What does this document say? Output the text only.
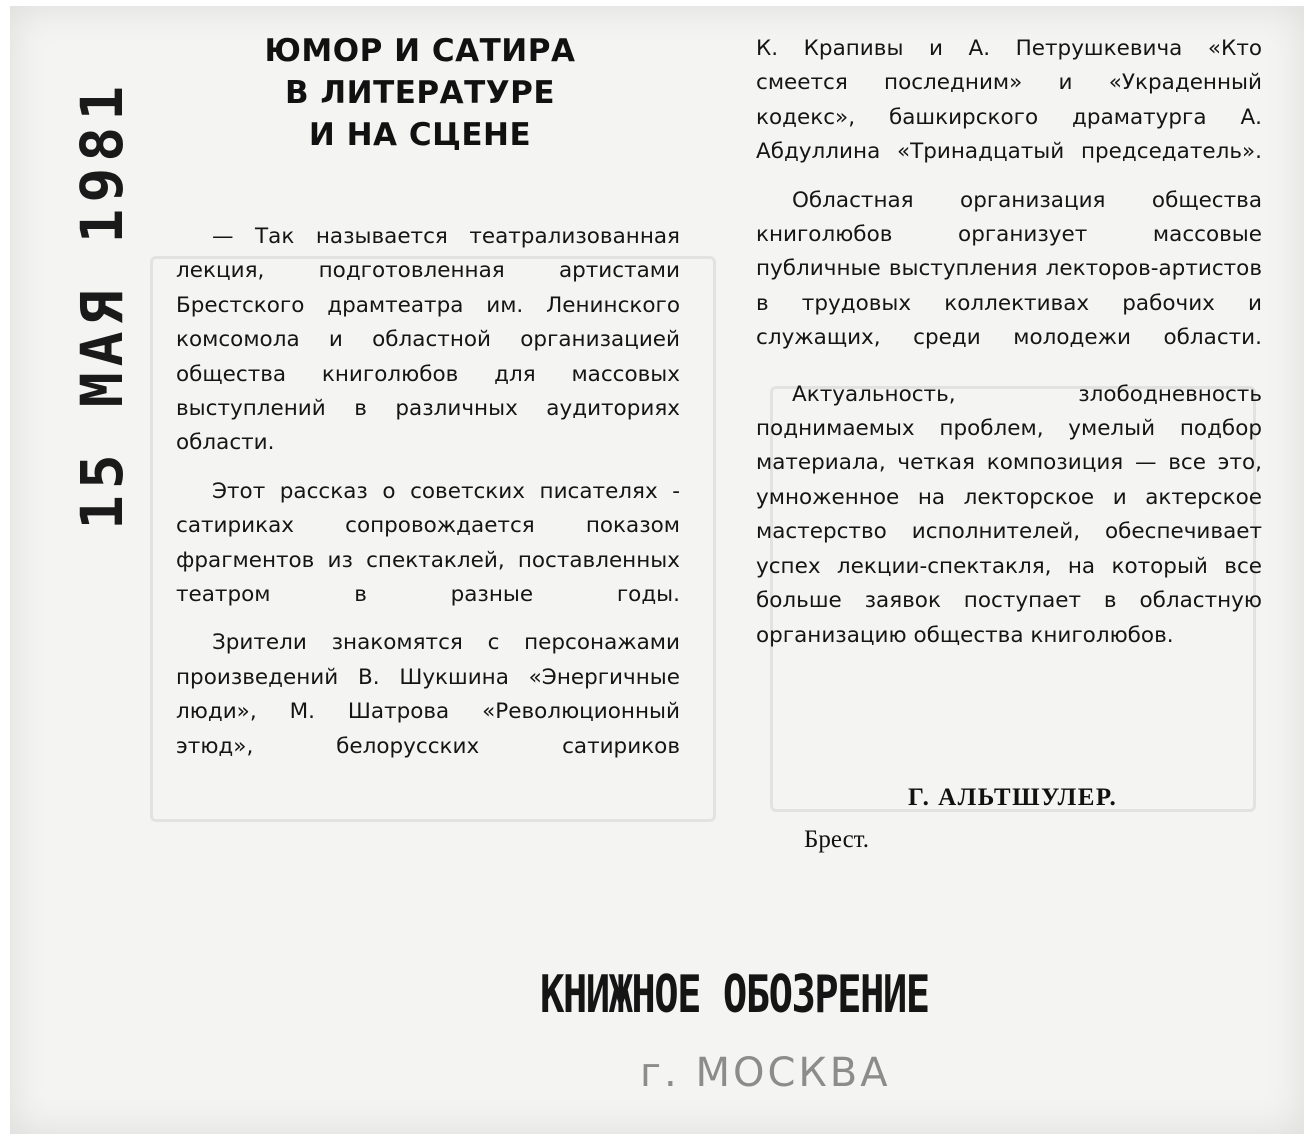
15 МАЯ 1981
ЮМОР И САТИРА
В ЛИТЕРАТУРЕ
И НА СЦЕНЕ

— Так называется театрализованная лекция, подготовленная артистами Брестского драмтеатра им. Ленинского комсомола и областной организацией общества книголюбов для массовых выступлений в различных аудиториях области.

Этот рассказ о советских писателях - сатириках сопровождается показом фрагментов из спектаклей, поставленных театром в разные годы.

Зрители знакомятся с персонажами произведений В. Шукшина «Энергичные люди», М. Шатрова «Революционный этюд», белорусских сатириков

К. Крапивы и А. Петрушкевича «Кто смеется последним» и «Украденный кодекс», башкирского драматурга А. Абдуллина «Тринадцатый председатель».

Областная организация общества книголюбов организует массовые публичные выступления лекторов-артистов в трудовых коллективах рабочих и служащих, среди молодежи области.

Актуальность, злободневность поднимаемых проблем, умелый подбор материала, четкая композиция — все это, умноженное на лекторское и актерское мастерство исполнителей, обеспечивает успех лекции-спектакля, на который все больше заявок поступает в областную организацию общества книголюбов.

Г. АЛЬТШУЛЕР.

Брест.

КНИЖНОЕ ОБОЗРЕНИЕ

г. МОСКВА
